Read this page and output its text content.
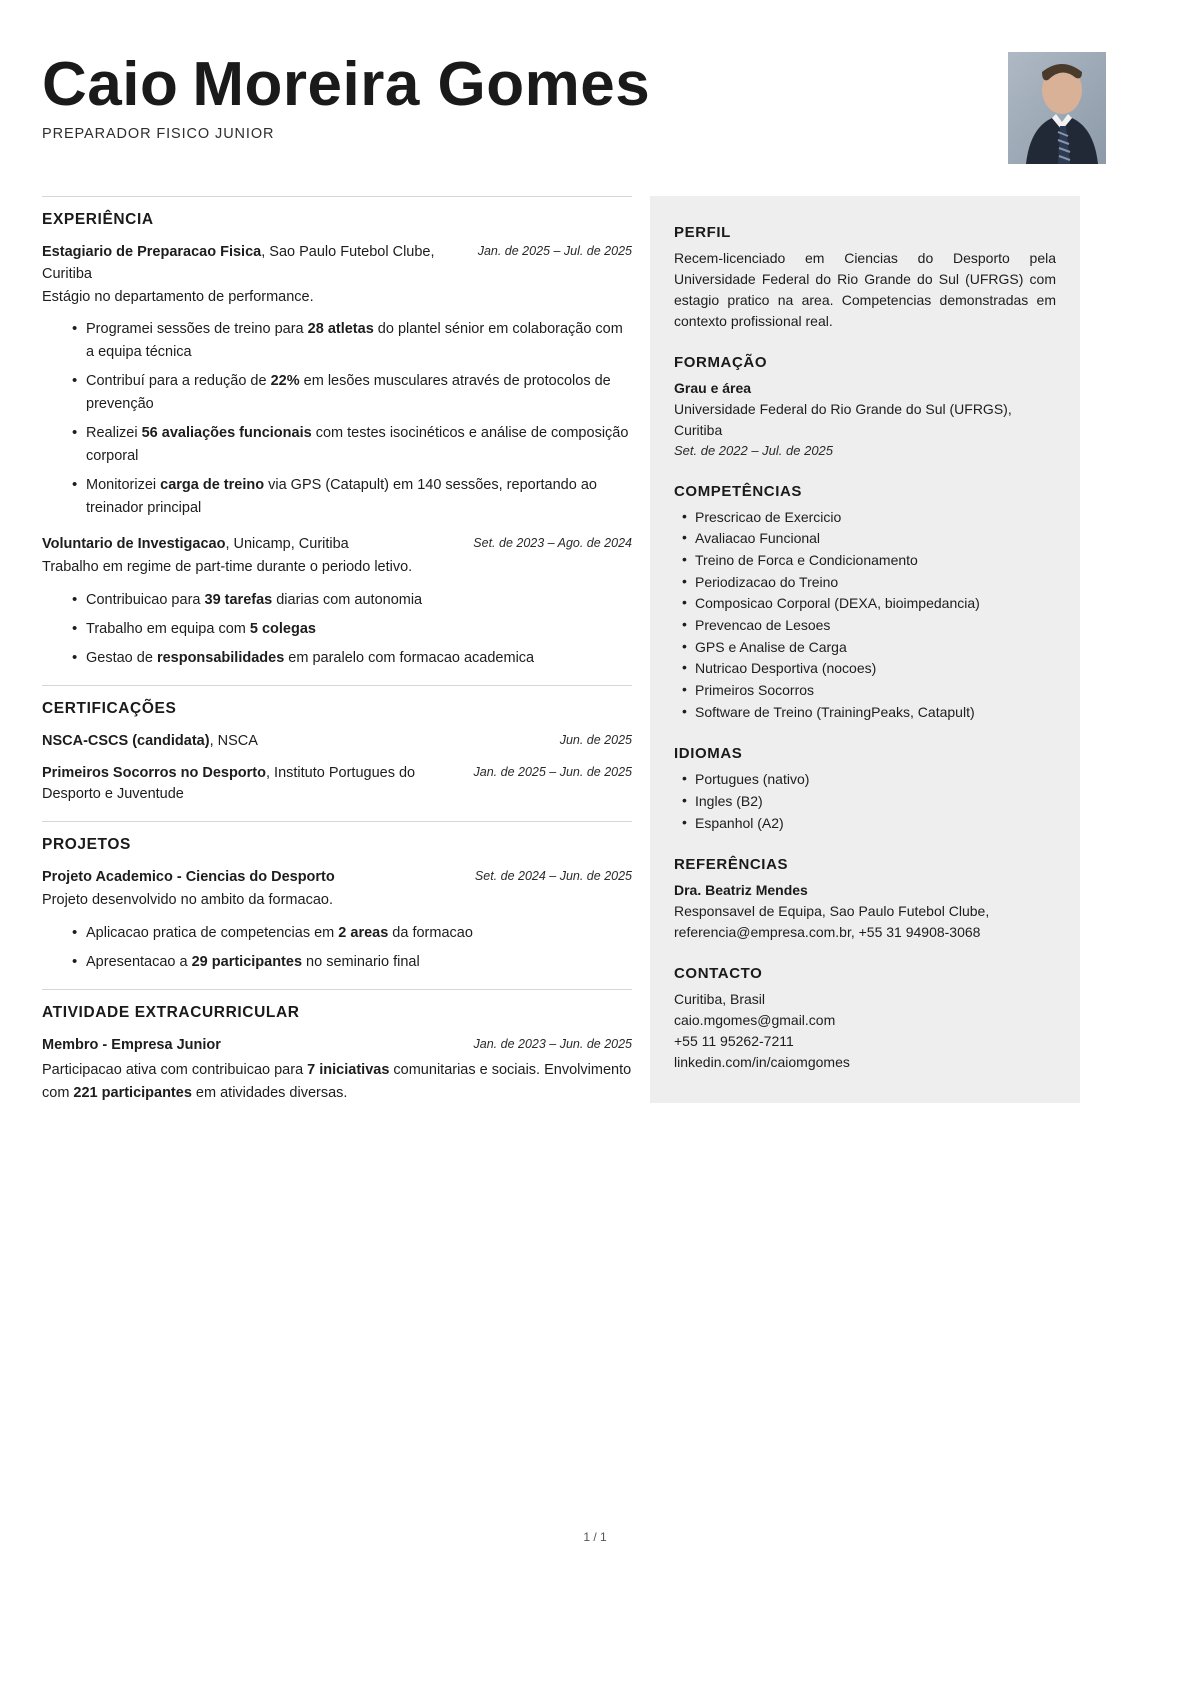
Caio Moreira Gomes
PREPARADOR FISICO JUNIOR
EXPERIÊNCIA
Estagiario de Preparacao Fisica, Sao Paulo Futebol Clube, Curitiba
Jan. de 2025 – Jul. de 2025
Estágio no departamento de performance.
• Programei sessões de treino para 28 atletas do plantel sénior em colaboração com a equipa técnica
• Contribuí para a redução de 22% em lesões musculares através de protocolos de prevenção
• Realizei 56 avaliações funcionais com testes isocinéticos e análise de composição corporal
• Monitorizei carga de treino via GPS (Catapult) em 140 sessões, reportando ao treinador principal
Voluntario de Investigacao, Unicamp, Curitiba	Set. de 2023 – Ago. de 2024
Trabalho em regime de part-time durante o periodo letivo.
• Contribuicao para 39 tarefas diarias com autonomia
• Trabalho em equipa com 5 colegas
• Gestao de responsabilidades em paralelo com formacao academica
CERTIFICAÇÕES
NSCA-CSCS (candidata), NSCA	Jun. de 2025
Primeiros Socorros no Desporto, Instituto Portugues do Desporto e Juventude
Jan. de 2025 – Jun. de 2025
PROJETOS
Projeto Academico - Ciencias do Desporto	Set. de 2024 – Jun. de 2025
Projeto desenvolvido no ambito da formacao.
• Aplicacao pratica de competencias em 2 areas da formacao
• Apresentacao a 29 participantes no seminario final
ATIVIDADE EXTRACURRICULAR
Membro - Empresa Junior	Jan. de 2023 – Jun. de 2025
Participacao ativa com contribuicao para 7 iniciativas comunitarias e sociais. Envolvimento com 221 participantes em atividades diversas.
PERFIL
Recem-licenciado em Ciencias do Desporto pela Universidade Federal do Rio Grande do Sul (UFRGS) com estagio pratico na area. Competencias demonstradas em contexto profissional real.
FORMAÇÃO
Grau e área
Universidade Federal do Rio Grande do Sul (UFRGS), Curitiba
Set. de 2022 – Jul. de 2025
COMPETÊNCIAS
• Prescricao de Exercicio
• Avaliacao Funcional
• Treino de Forca e Condicionamento
• Periodizacao do Treino
• Composicao Corporal (DEXA, bioimpedancia)
• Prevencao de Lesoes
• GPS e Analise de Carga
• Nutricao Desportiva (nocoes)
• Primeiros Socorros
• Software de Treino (TrainingPeaks, Catapult)
IDIOMAS
• Portugues (nativo)
• Ingles (B2)
• Espanhol (A2)
REFERÊNCIAS
Dra. Beatriz Mendes
Responsavel de Equipa, Sao Paulo Futebol Clube,
referencia@empresa.com.br, +55 31 94908-3068
CONTACTO
Curitiba, Brasil
caio.mgomes@gmail.com
+55 11 95262-7211
linkedin.com/in/caiomgomes
1 / 1
